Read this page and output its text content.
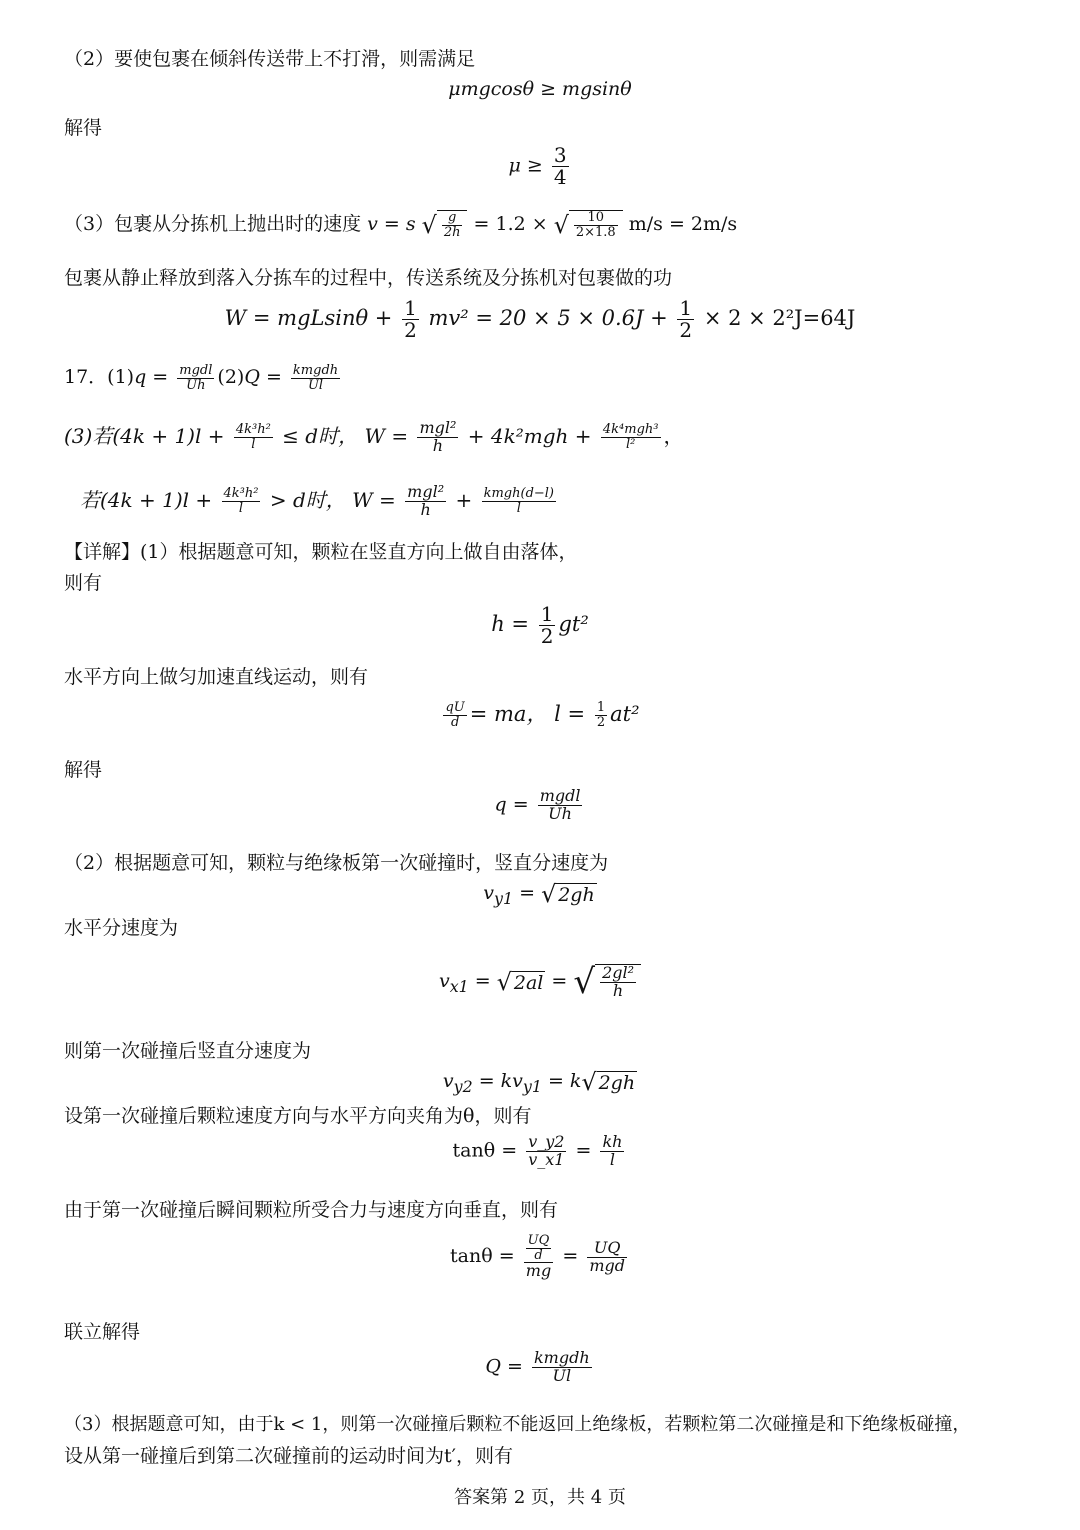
（2）要使包裹在倾斜传送带上不打滑，则需满足
μmgcosθ ≥ mgsinθ
解得
$\mu \ge \frac{3}{4}$
（3）包裹从分拣机上抛出时的速度 v = s √ $\frac{g}{2h} = 1.2$ × √ $\frac{10}{2\times 1.8} m/s = 2m/s$
包裹从静止释放到落入分拣车的过程中，传送系统及分拣机对包裹做的功
$W = mgLsin\theta + \frac{1}{2} mv^2 = 20 \times 5 \times 0.6J + \frac{1}{2} \times 2 \times 2^2J=64J$
17．$(1)q = \frac{\text{mgdl}}{Uh} (2)Q = \frac{\text{kmgdh}}{Ul}$
(3)若$(4k + 1)l + \frac{\text{4k³h²}}{l} \le d$时， $W = \frac{\text{mgl²}}{h} + 4k^2mgh + \frac{\text{4k⁴mgh³}}{\text{l²}}$ ，
若$(4k + 1)l + \frac{\text{4k³h²}}{l} > d$时， $W = \frac{\text{mgl²}}{h} + \frac{\text{kmgh(d−l)}}{l}$
【详解】(1）根据题意可知，颗粒在竖直方向上做自由落体，
则有
$h = \frac{1}{2} gt^2$
水平方向上做匀加速直线运动，则有
$\frac{qU}{d}$ = ma， $l = \frac{1}{2} at^2$
解得
$q = \frac{\text{mgdl}}{Uh}$
（2）根据题意可知，颗粒与绝缘板第一次碰撞时，竖直分速度为
$v_{y1}$ = √ 2gh
水平分速度为
$v_{x1}$ = √ 2al = √ $\frac{\text{2gl²}}{h}$
则第一次碰撞后竖直分速度为
$v_{y2} = kv_{y1} = k√$ 2gh
设第一次碰撞后颗粒速度方向与水平方向夹角为θ，则有
$\tan\theta = \frac{v\_y2}{v\_x1} = \frac{kh}{l}$
由于第一次碰撞后瞬间颗粒所受合力与速度方向垂直，则有
$\tan\theta = \frac{\frac{UQ}{d}}{mg} = \frac{UQ}{\text{mgd}}$
联立解得
$Q = \frac{\text{kmgdh}}{Ul}$
（3）根据题意可知，由于k < 1，则第一次碰撞后颗粒不能返回上绝缘板，若颗粒第二次碰撞是和下绝缘板碰撞，
设从第一碰撞后到第二次碰撞前的运动时间为t′，则有
答案第 2 页，共 4 页
